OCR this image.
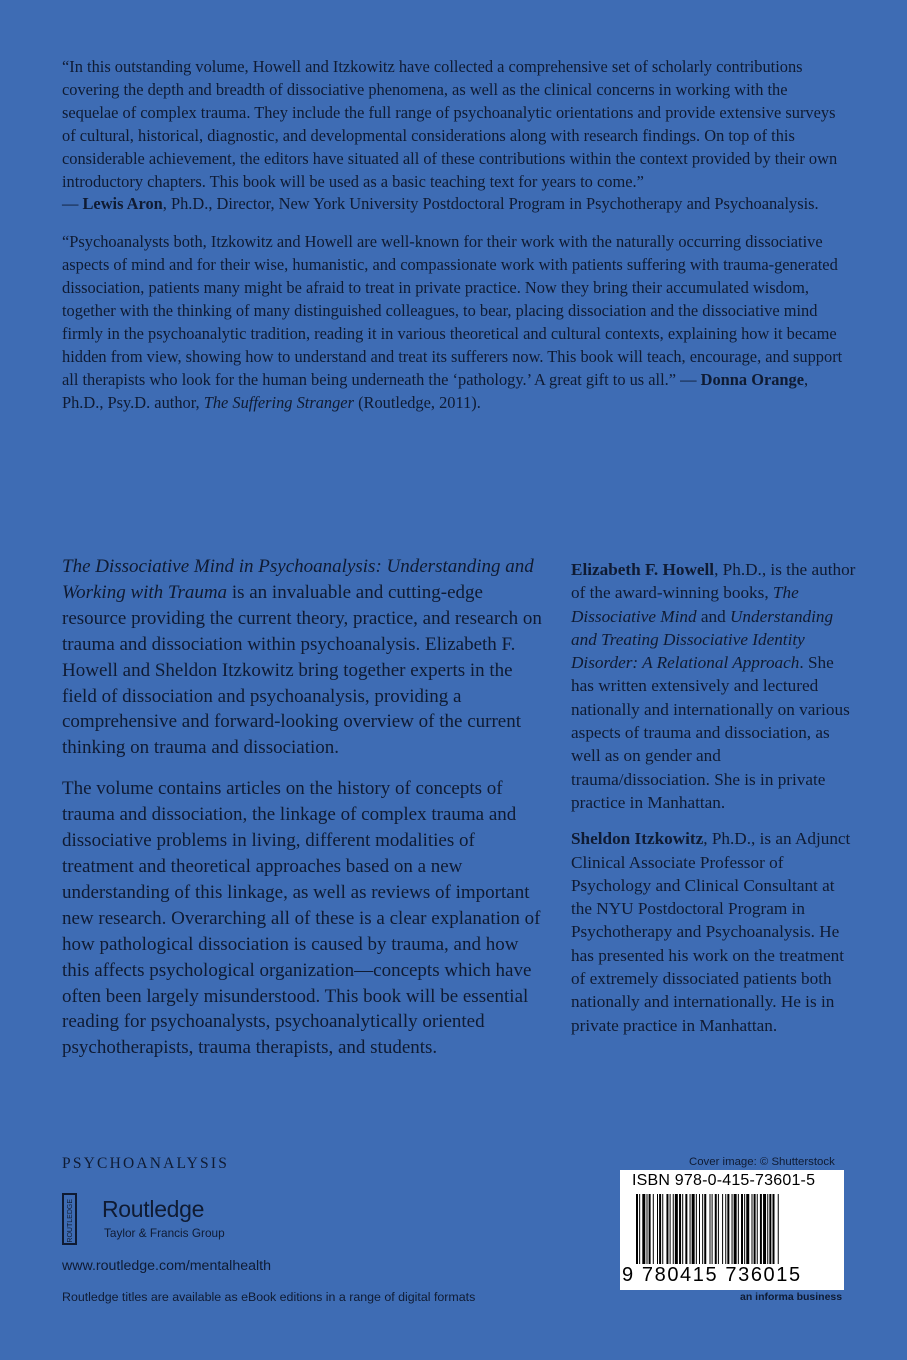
“In this outstanding volume, Howell and Itzkowitz have collected a comprehensive set of scholarly contributions covering the depth and breadth of dissociative phenomena, as well as the clinical concerns in working with the sequelae of complex trauma. They include the full range of psychoanalytic orientations and provide extensive surveys of cultural, historical, diagnostic, and developmental considerations along with research findings. On top of this considerable achievement, the editors have situated all of these contributions within the context provided by their own introductory chapters. This book will be used as a basic teaching text for years to come.”
— Lewis Aron, Ph.D., Director, New York University Postdoctoral Program in Psychotherapy and Psychoanalysis.

“Psychoanalysts both, Itzkowitz and Howell are well-known for their work with the naturally occurring dissociative aspects of mind and for their wise, humanistic, and compassionate work with patients suffering with trauma-generated dissociation, patients many might be afraid to treat in private practice. Now they bring their accumulated wisdom, together with the thinking of many distinguished colleagues, to bear, placing dissociation and the dissociative mind firmly in the psychoanalytic tradition, reading it in various theoretical and cultural contexts, explaining how it became hidden from view, showing how to understand and treat its sufferers now. This book will teach, encourage, and support all therapists who look for the human being underneath the ‘pathology.’ A great gift to us all.” — Donna Orange, Ph.D., Psy.D. author, The Suffering Stranger (Routledge, 2011).

The Dissociative Mind in Psychoanalysis: Understanding and Working with Trauma is an invaluable and cutting-edge resource providing the current theory, practice, and research on trauma and dissociation within psychoanalysis. Elizabeth F. Howell and Sheldon Itzkowitz bring together experts in the field of dissociation and psychoanalysis, providing a comprehensive and forward-looking overview of the current thinking on trauma and dissociation.

The volume contains articles on the history of concepts of trauma and dissociation, the linkage of complex trauma and dissociative problems in living, different modalities of treatment and theoretical approaches based on a new understanding of this linkage, as well as reviews of important new research. Overarching all of these is a clear explanation of how pathological dissociation is caused by trauma, and how this affects psychological organization—concepts which have often been largely misunderstood. This book will be essential reading for psychoanalysts, psychoanalytically oriented psychotherapists, trauma therapists, and students.

Elizabeth F. Howell, Ph.D., is the author of the award-winning books, The Dissociative Mind and Understanding and Treating Dissociative Identity Disorder: A Relational Approach. She has written extensively and lectured nationally and internationally on various aspects of trauma and dissociation, as well as on gender and trauma/dissociation. She is in private practice in Manhattan.

Sheldon Itzkowitz, Ph.D., is an Adjunct Clinical Associate Professor of Psychology and Clinical Consultant at the NYU Postdoctoral Program in Psychotherapy and Psychoanalysis. He has presented his work on the treatment of extremely dissociated patients both nationally and internationally. He is in private practice in Manhattan.

PSYCHOANALYSIS
ROUTLEDGE Routledge
Taylor & Francis Group
www.routledge.com/mentalhealth
Routledge titles are available as eBook editions in a range of digital formats
Cover image: © Shutterstock
ISBN 978-0-415-73601-5
9 780415 736015
an informa business
